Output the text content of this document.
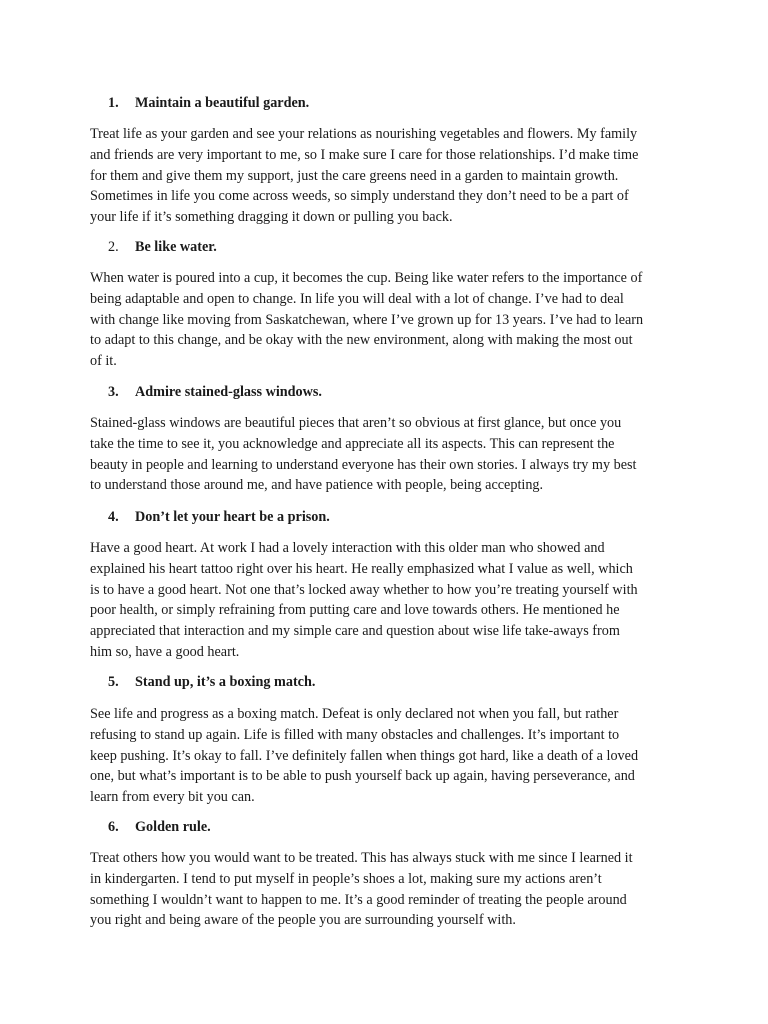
1. Maintain a beautiful garden.
Treat life as your garden and see your relations as nourishing vegetables and flowers. My family
and friends are very important to me, so I make sure I care for those relationships. I’d make time
for them and give them my support, just the care greens need in a garden to maintain growth.
Sometimes in life you come across weeds, so simply understand they don’t need to be a part of
your life if it’s something dragging it down or pulling you back.
2. Be like water.
When water is poured into a cup, it becomes the cup. Being like water refers to the importance of
being adaptable and open to change. In life you will deal with a lot of change. I’ve had to deal
with change like moving from Saskatchewan, where I’ve grown up for 13 years. I’ve had to learn
to adapt to this change, and be okay with the new environment, along with making the most out
of it.
3. Admire stained-glass windows.
Stained-glass windows are beautiful pieces that aren’t so obvious at first glance, but once you
take the time to see it, you acknowledge and appreciate all its aspects. This can represent the
beauty in people and learning to understand everyone has their own stories. I always try my best
to understand those around me, and have patience with people, being accepting.
4. Don’t let your heart be a prison.
Have a good heart. At work I had a lovely interaction with this older man who showed and
explained his heart tattoo right over his heart. He really emphasized what I value as well, which
is to have a good heart. Not one that’s locked away whether to how you’re treating yourself with
poor health, or simply refraining from putting care and love towards others. He mentioned he
appreciated that interaction and my simple care and question about wise life take-aways from
him so, have a good heart.
5. Stand up, it’s a boxing match.
See life and progress as a boxing match. Defeat is only declared not when you fall, but rather
refusing to stand up again. Life is filled with many obstacles and challenges. It’s important to
keep pushing. It’s okay to fall. I’ve definitely fallen when things got hard, like a death of a loved
one, but what’s important is to be able to push yourself back up again, having perseverance, and
learn from every bit you can.
6. Golden rule.
Treat others how you would want to be treated. This has always stuck with me since I learned it
in kindergarten. I tend to put myself in people’s shoes a lot, making sure my actions aren’t
something I wouldn’t want to happen to me. It’s a good reminder of treating the people around
you right and being aware of the people you are surrounding yourself with.
